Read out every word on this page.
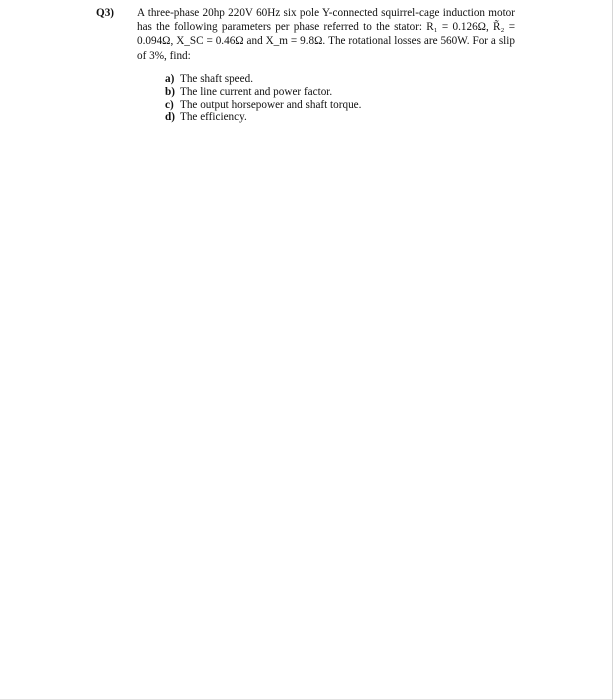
Q3) A three-phase 20hp 220V 60Hz six pole Y-connected squirrel-cage induction motor has the following parameters per phase referred to the stator: R₁ = 0.126Ω, R̃₂ = 0.094Ω, X_SC = 0.46Ω and X_m = 9.8Ω. The rotational losses are 560W. For a slip of 3%, find:
a) The shaft speed.
b) The line current and power factor.
c) The output horsepower and shaft torque.
d) The efficiency.
